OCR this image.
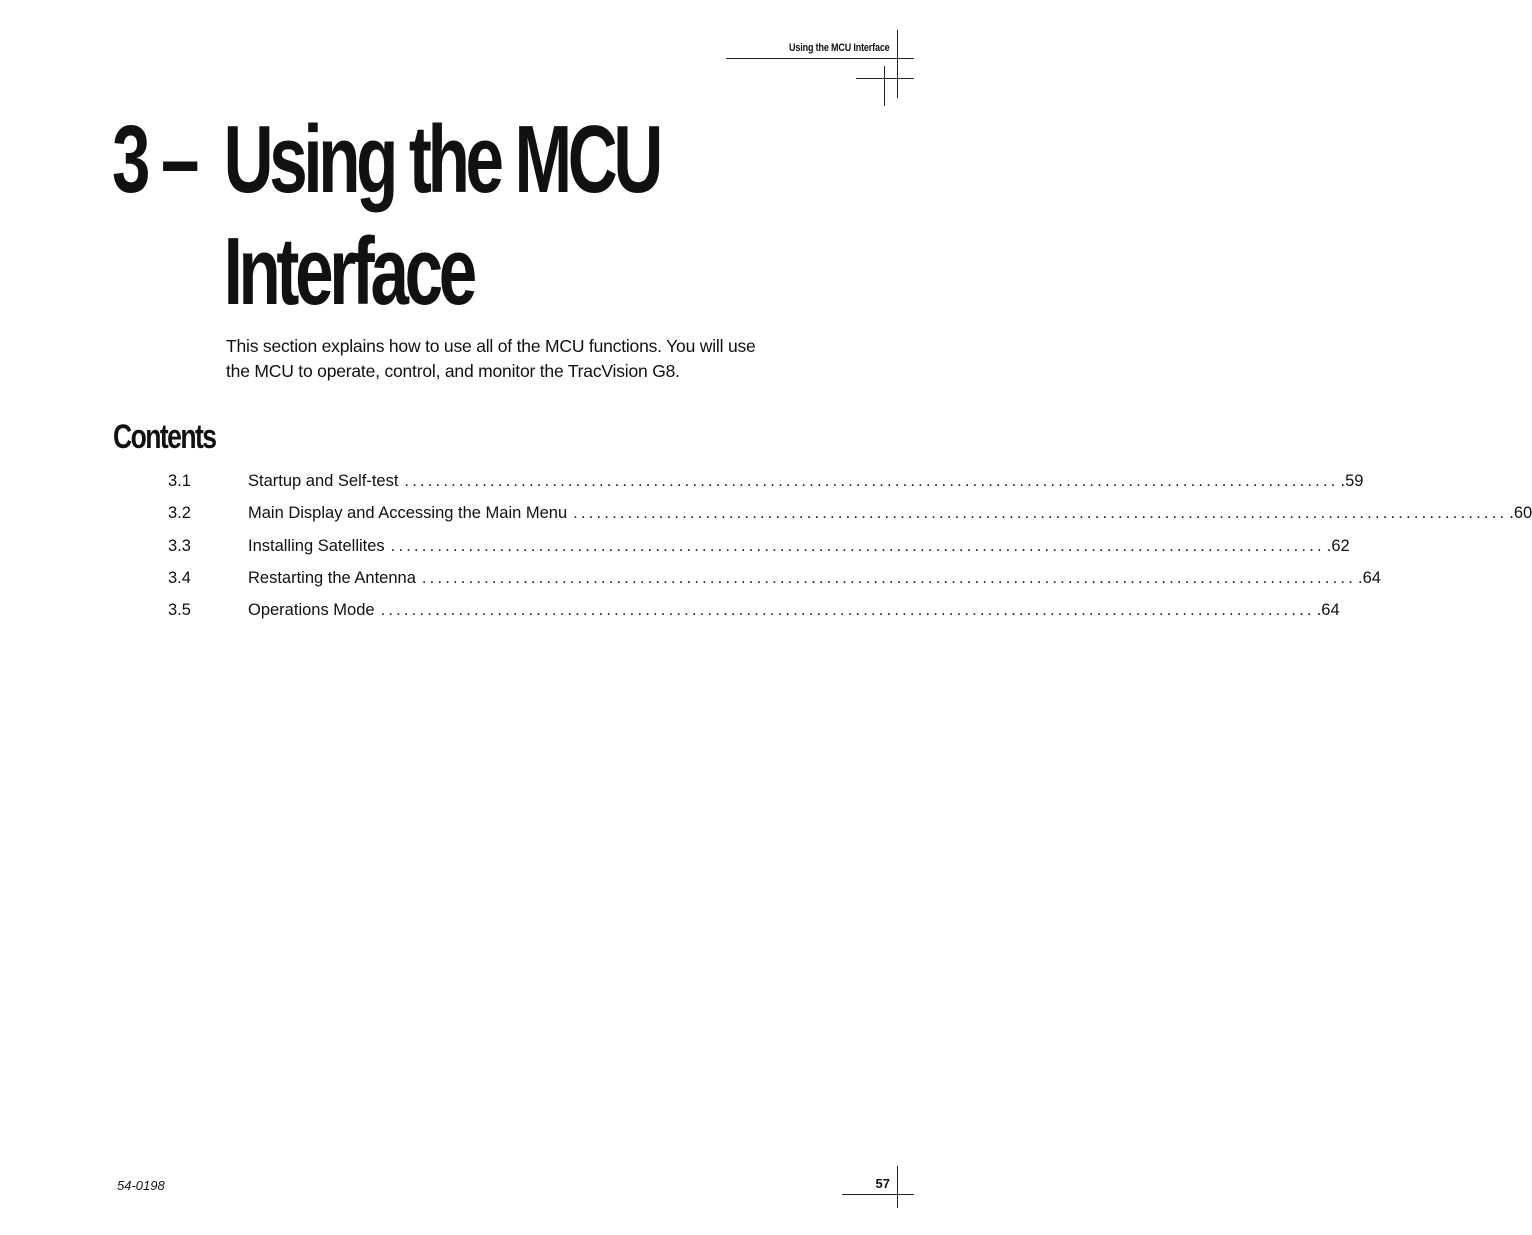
Using the MCU Interface
3 – Using the MCU
Interface

This section explains how to use all of the MCU functions. You will use the MCU to operate, control, and monitor the TracVision G8.

Contents
3.1	Startup and Self-test ........................................................................................................................ .59
3.2	Main Display and Accessing the Main Menu ........................................................................................................................ .60
3.3	Installing Satellites ........................................................................................................................ .62
3.4	Restarting the Antenna ........................................................................................................................ .64
3.5	Operations Mode ........................................................................................................................ .64
54-0198	57
